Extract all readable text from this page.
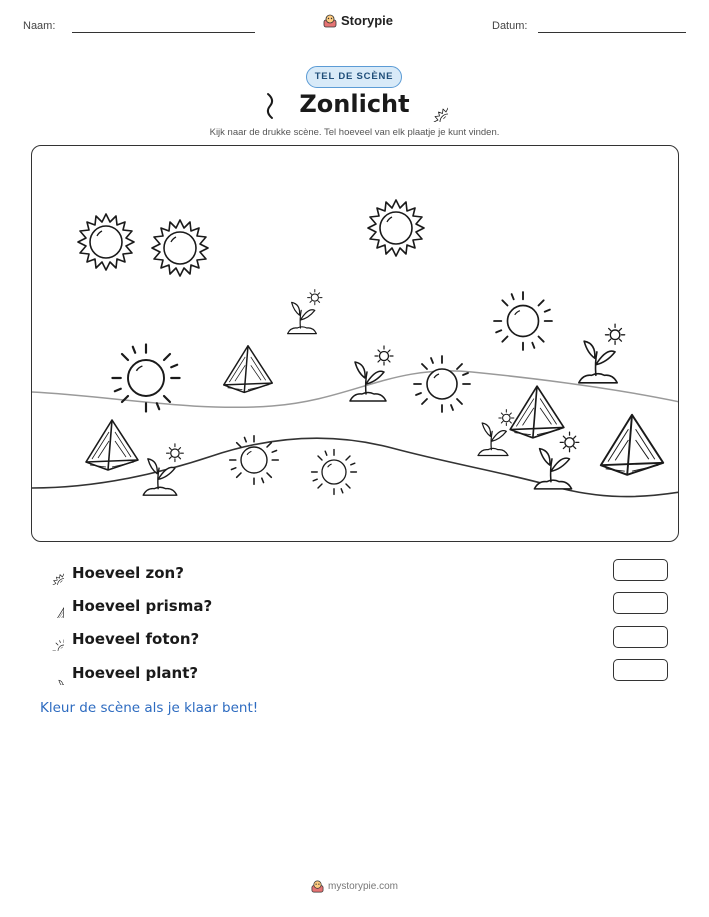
Naam:	Storypie	Datum:
TEL DE SCÈNE
Zonlicht
Kijk naar de drukke scène. Tel hoeveel van elk plaatje je kunt vinden.
Hoeveel zon?
Hoeveel prisma?
Hoeveel foton?
Hoeveel plant?
Kleur de scène als je klaar bent!
mystorypie.com
